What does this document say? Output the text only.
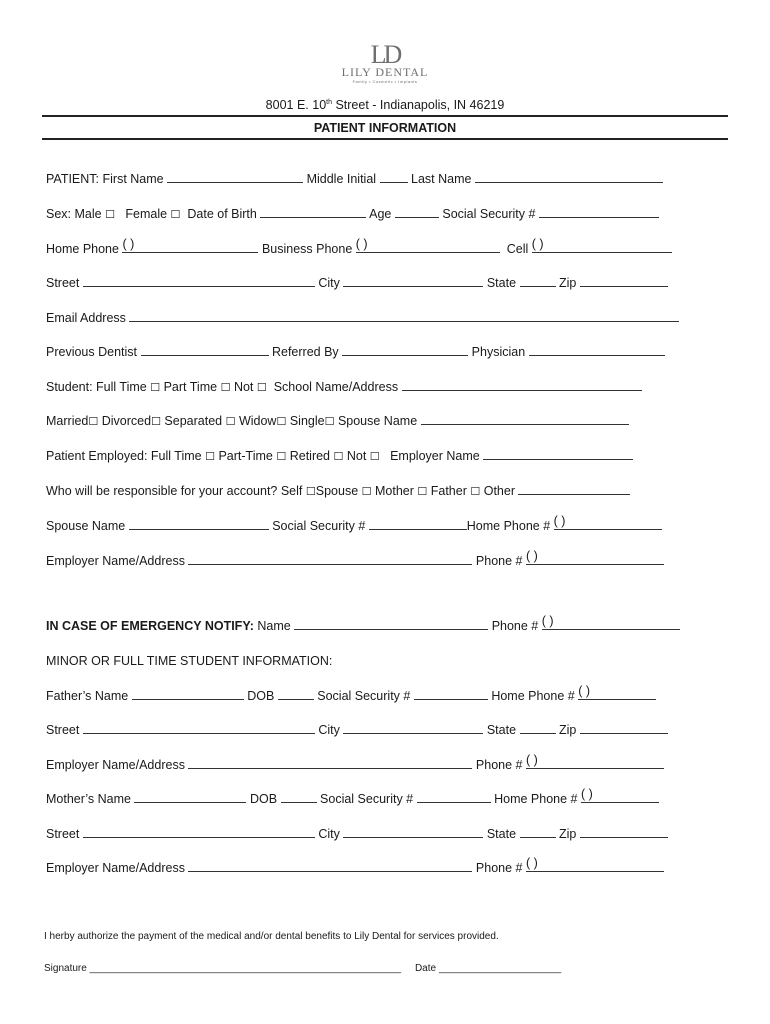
LD
LILY DENTAL
Family • Cosmetic • Implants
8001 E. 10th Street - Indianapolis, IN 46219
PATIENT INFORMATION
PATIENT: First Name	Middle Initial	Last Name
Sex: Male ☐ Female ☐ Date of Birth	Age	Social Security #
Home Phone ( )	Business Phone ( )	Cell ( )
Street	City	State	Zip
Email Address
Previous Dentist	Referred By	Physician
Student: Full Time ☐ Part Time ☐ Not ☐ School Name/Address
Married☐ Divorced☐ Separated ☐ Widow☐ Single☐ Spouse Name
Patient Employed: Full Time ☐ Part-Time ☐ Retired ☐ Not ☐ Employer Name
Who will be responsible for your account? Self ☐Spouse ☐ Mother ☐ Father ☐ Other
Spouse Name	Social Security #	Home Phone # ( )
Employer Name/Address	Phone # ( )
IN CASE OF EMERGENCY NOTIFY: Name	Phone # ( )
MINOR OR FULL TIME STUDENT INFORMATION:
Father’s Name	DOB	Social Security #	Home Phone # ( )
Street	City	State	Zip
Employer Name/Address	Phone # ( )
Mother’s Name	DOB	Social Security #	Home Phone # ( )
Street	City	State	Zip
Employer Name/Address	Phone # ( )
I herby authorize the payment of the medical and/or dental benefits to Lily Dental for services provided.
Signature ________________________________________________________ Date ______________________
